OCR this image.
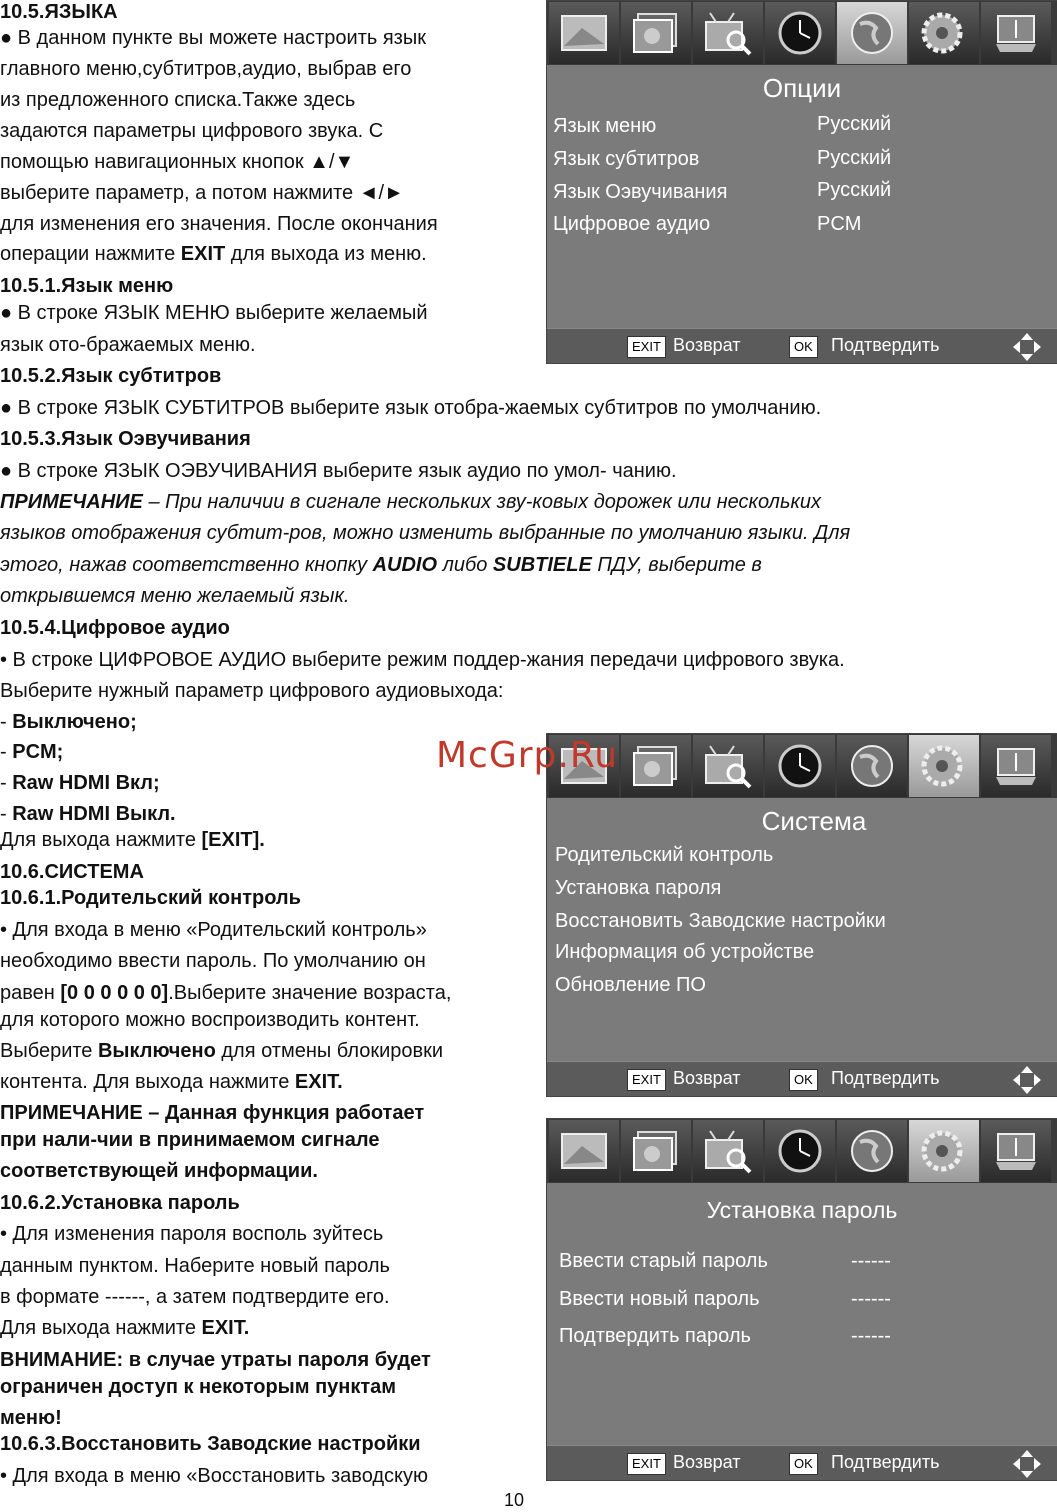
10.5.ЯЗЫКА
● В данном пункте вы можете настроить язык
главного меню,субтитров,аудио, выбрав его
из предложенного списка.Также здесь
задаются параметры цифрового звука. С
помощью навигационных кнопок ▲/▼
выберите параметр, а потом нажмите ◄/►
для изменения его значения. После окончания
операции нажмите EXIT для выхода из меню.
10.5.1.Язык меню
● В строке ЯЗЫК МЕНЮ выберите желаемый
язык ото-бражаемых меню.
10.5.2.Язык субтитров
● В строке ЯЗЫК СУБТИТРОВ выберите язык отобра-жаемых субтитров по умолчанию.
10.5.3.Язык Оэвучивания
● В строке ЯЗЫК ОЭВУЧИВАНИЯ выберите язык аудио по умол- чанию.
ПРИМЕЧАНИЕ – При наличии в сигнале нескольких зву-ковых дорожек или нескольких
языков отображения субтит-ров, можно изменить выбранные по умолчанию языки. Для
этого, нажав соответственно кнопку AUDIO либо SUBTIELE ПДУ, выберите в
открывшемся меню желаемый язык.
10.5.4.Цифровое аудио
• В строке ЦИФРОВОЕ АУДИО выберите режим поддер-жания передачи цифрового звука.
Выберите нужный параметр цифрового аудиовыхода:
- Выключено;
- PCM;
- Raw HDMI Вкл;
- Raw HDMI Выкл.
Для выхода нажмите [EXIT].
10.6.СИСТЕМА
10.6.1.Родительский контроль
• Для входа в меню «Родительский контроль»
необходимо ввести пароль. По умолчанию он
равен [0 0 0 0 0 0].Выберите значение возраста,
для которого можно воспроизводить контент.
Выберите Выключено для отмены блокировки
контента. Для выхода нажмите EXIT.
ПРИМЕЧАНИЕ – Данная функция работает
при нали-чии в принимаемом сигнале
соответствующей информации.
10.6.2.Установка пароль
• Для изменения пароля восполь зуйтесь
данным пунктом. Наберите новый пароль
в формате ------, а затем подтвердите его.
Для выхода нажмите EXIT.
ВНИМАНИЕ: в случае утраты пароля будет
ограничен доступ к некоторым пунктам
меню!
10.6.3.Восстановить Заводские настройки
• Для входа в меню «Восстановить заводскую
10
Опции
Язык меню	Русский
Язык субтитров	Русский
Язык Оэвучивания	Русский
Цифровое аудио	PCM
EXIT Возврат	OK Подтвердить
Система
Родительский контроль
Установка пароля
Восстановить Заводские настройки
Информация об устройстве
Обновление ПО
EXIT Возврат	OK Подтвердить
Установка пароль
Ввести старый пароль	------
Ввести новый пароль	------
Подтвердить пароль	------
EXIT Возврат	OK Подтвердить
McGrp.Ru
